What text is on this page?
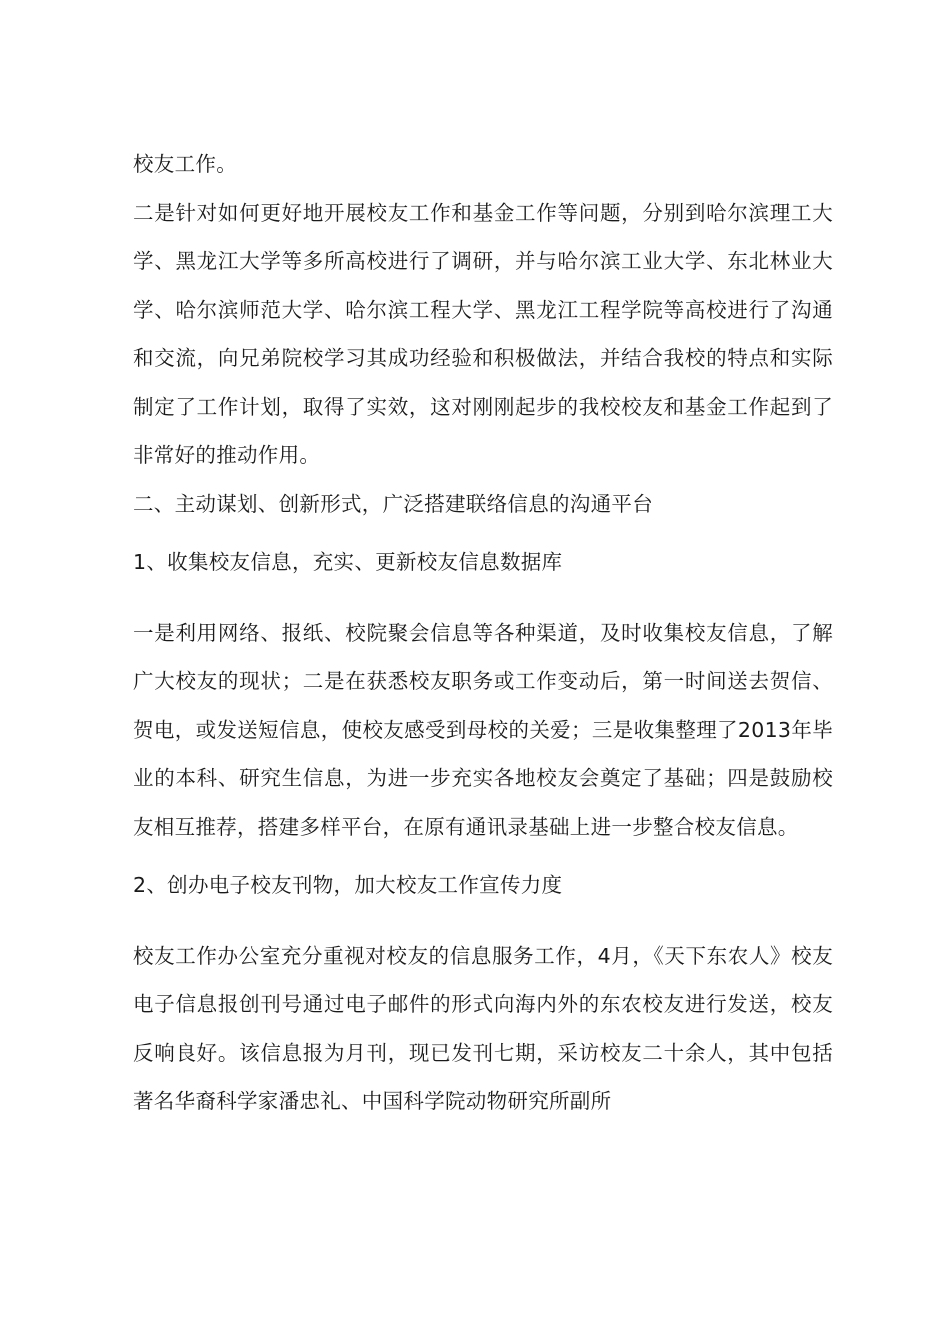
校友工作。

二是针对如何更好地开展校友工作和基金工作等问题，分别到哈尔滨理工大学、黑龙江大学等多所高校进行了调研，并与哈尔滨工业大学、东北林业大学、哈尔滨师范大学、哈尔滨工程大学、黑龙江工程学院等高校进行了沟通和交流，向兄弟院校学习其成功经验和积极做法，并结合我校的特点和实际制定了工作计划，取得了实效，这对刚刚起步的我校校友和基金工作起到了非常好的推动作用。

二、主动谋划、创新形式，广泛搭建联络信息的沟通平台

1、收集校友信息，充实、更新校友信息数据库

一是利用网络、报纸、校院聚会信息等各种渠道，及时收集校友信息，了解广大校友的现状；二是在获悉校友职务或工作变动后，第一时间送去贺信、贺电，或发送短信息，使校友感受到母校的关爱；三是收集整理了2013年毕业的本科、研究生信息，为进一步充实各地校友会奠定了基础；四是鼓励校友相互推荐，搭建多样平台，在原有通讯录基础上进一步整合校友信息。

2、创办电子校友刊物，加大校友工作宣传力度

校友工作办公室充分重视对校友的信息服务工作，4月，《天下东农人》校友电子信息报创刊号通过电子邮件的形式向海内外的东农校友进行发送，校友反响良好。该信息报为月刊，现已发刊七期，采访校友二十余人，其中包括著名华裔科学家潘忠礼、中国科学院动物研究所副所
